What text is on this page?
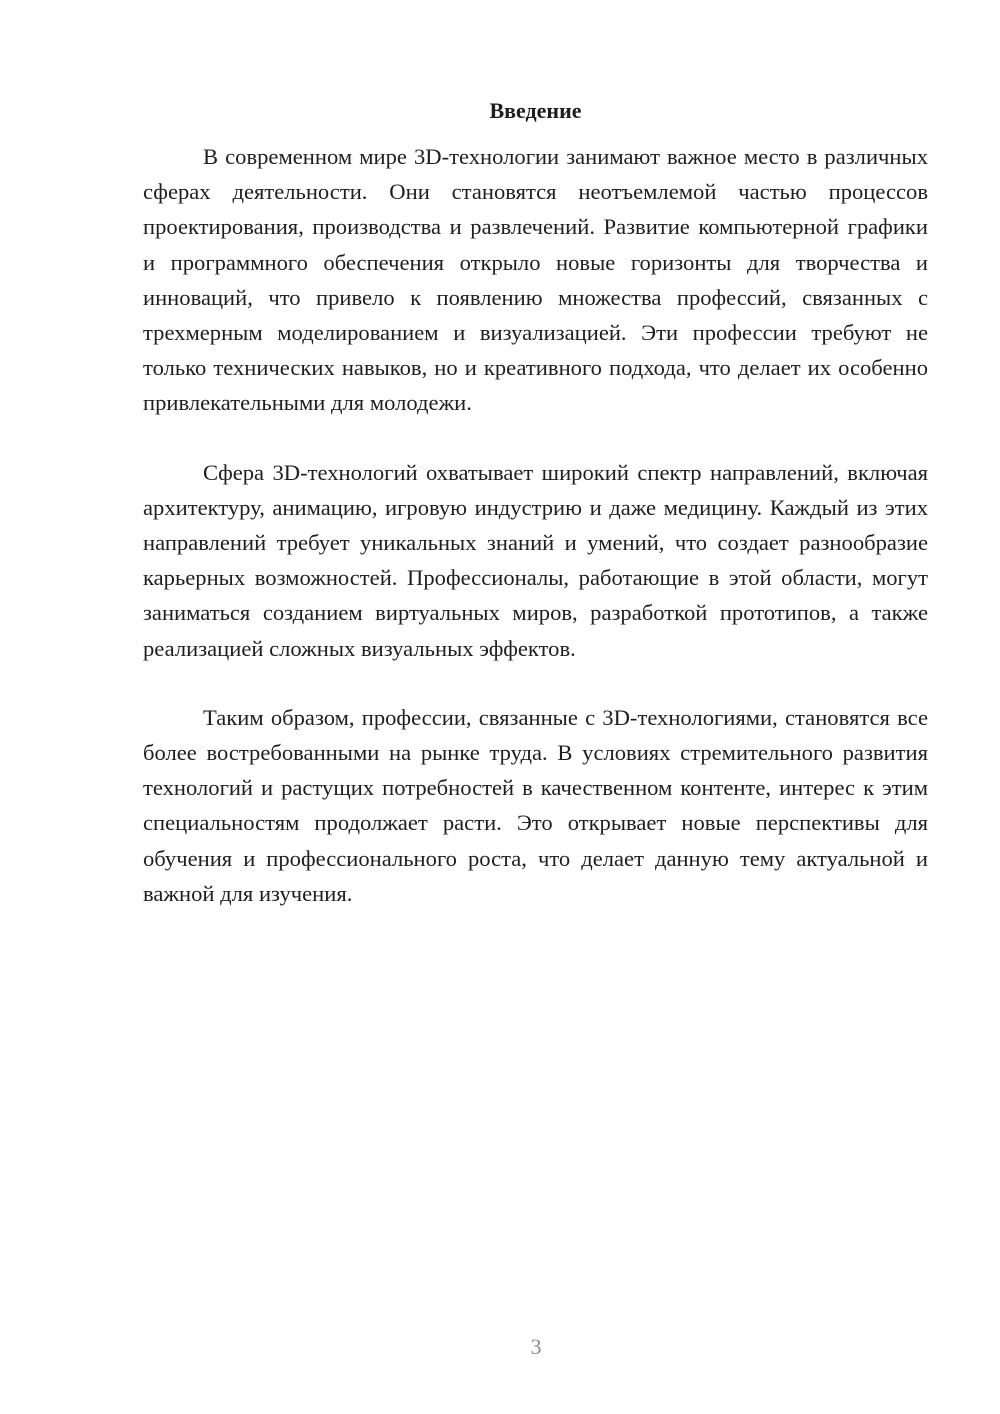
Введение

В современном мире 3D-технологии занимают важное место в различных сферах деятельности. Они становятся неотъемлемой частью процессов проектирования, производства и развлечений. Развитие компьютерной графики и программного обеспечения открыло новые горизонты для творчества и инноваций, что привело к появлению множества профессий, связанных с трехмерным моделированием и визуализацией. Эти профессии требуют не только технических навыков, но и креативного подхода, что делает их особенно привлекательными для молодежи.

Сфера 3D-технологий охватывает широкий спектр направлений, включая архитектуру, анимацию, игровую индустрию и даже медицину. Каждый из этих направлений требует уникальных знаний и умений, что создает разнообразие карьерных возможностей. Профессионалы, работающие в этой области, могут заниматься созданием виртуальных миров, разработкой прототипов, а также реализацией сложных визуальных эффектов.

Таким образом, профессии, связанные с 3D-технологиями, становятся все более востребованными на рынке труда. В условиях стремительного развития технологий и растущих потребностей в качественном контенте, интерес к этим специальностям продолжает расти. Это открывает новые перспективы для обучения и профессионального роста, что делает данную тему актуальной и важной для изучения.

3
